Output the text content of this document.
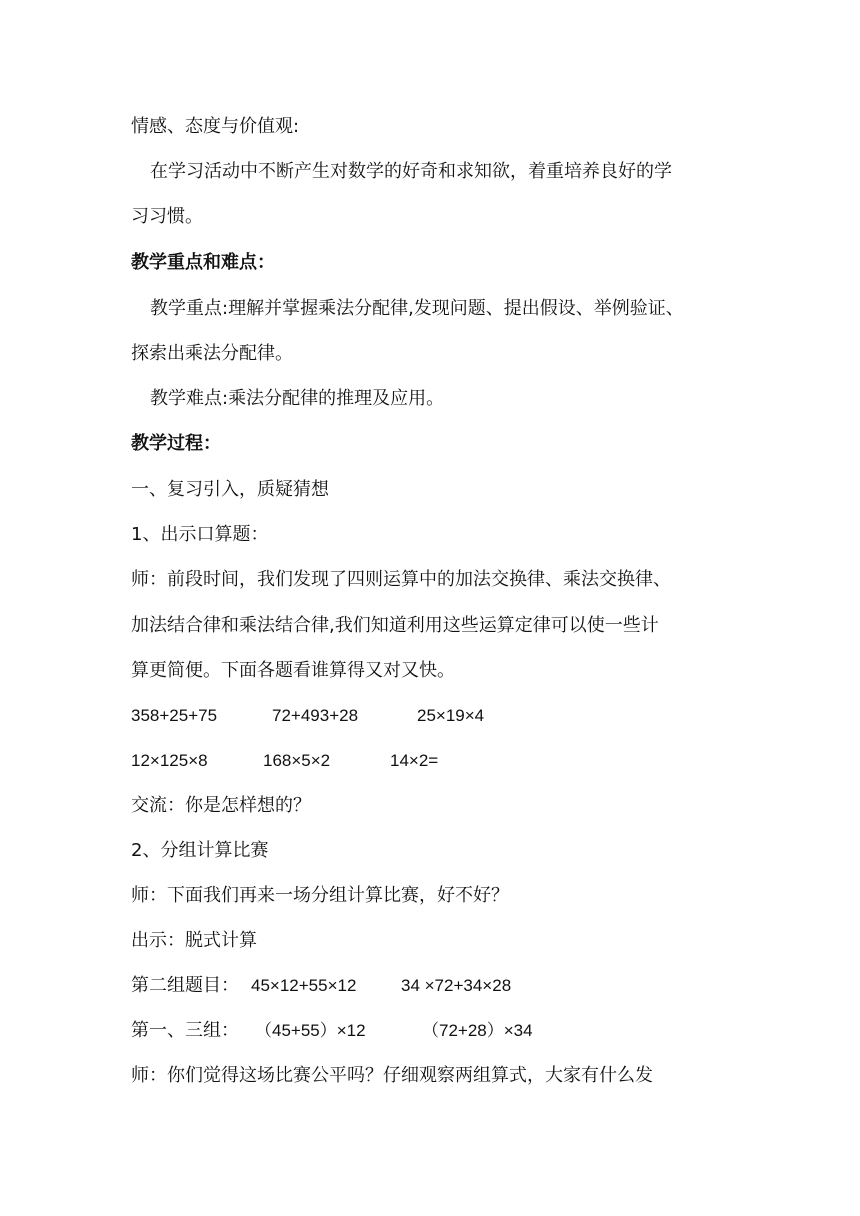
情感、态度与价值观:
在学习活动中不断产生对数学的好奇和求知欲，着重培养良好的学
习习惯。
教学重点和难点：
教学重点:理解并掌握乘法分配律,发现问题、提出假设、举例验证、
探索出乘法分配律。
教学难点:乘法分配律的推理及应用。
教学过程：
一、复习引入，质疑猜想
1、出示口算题：
师：前段时间，我们发现了四则运算中的加法交换律、乘法交换律、
加法结合律和乘法结合律,我们知道利用这些运算定律可以使一些计
算更简便。下面各题看谁算得又对又快。
358+25+75	72+493+28	25×19×4
12×125×8	168×5×2	14×2=
交流：你是怎样想的？
2、分组计算比赛
师：下面我们再来一场分组计算比赛，好不好？
出示：脱式计算
第二组题目： 45×12+55×12	34 ×72+34×28
第一、三组： （45+55）×12	（72+28）×34
师：你们觉得这场比赛公平吗？仔细观察两组算式，大家有什么发
